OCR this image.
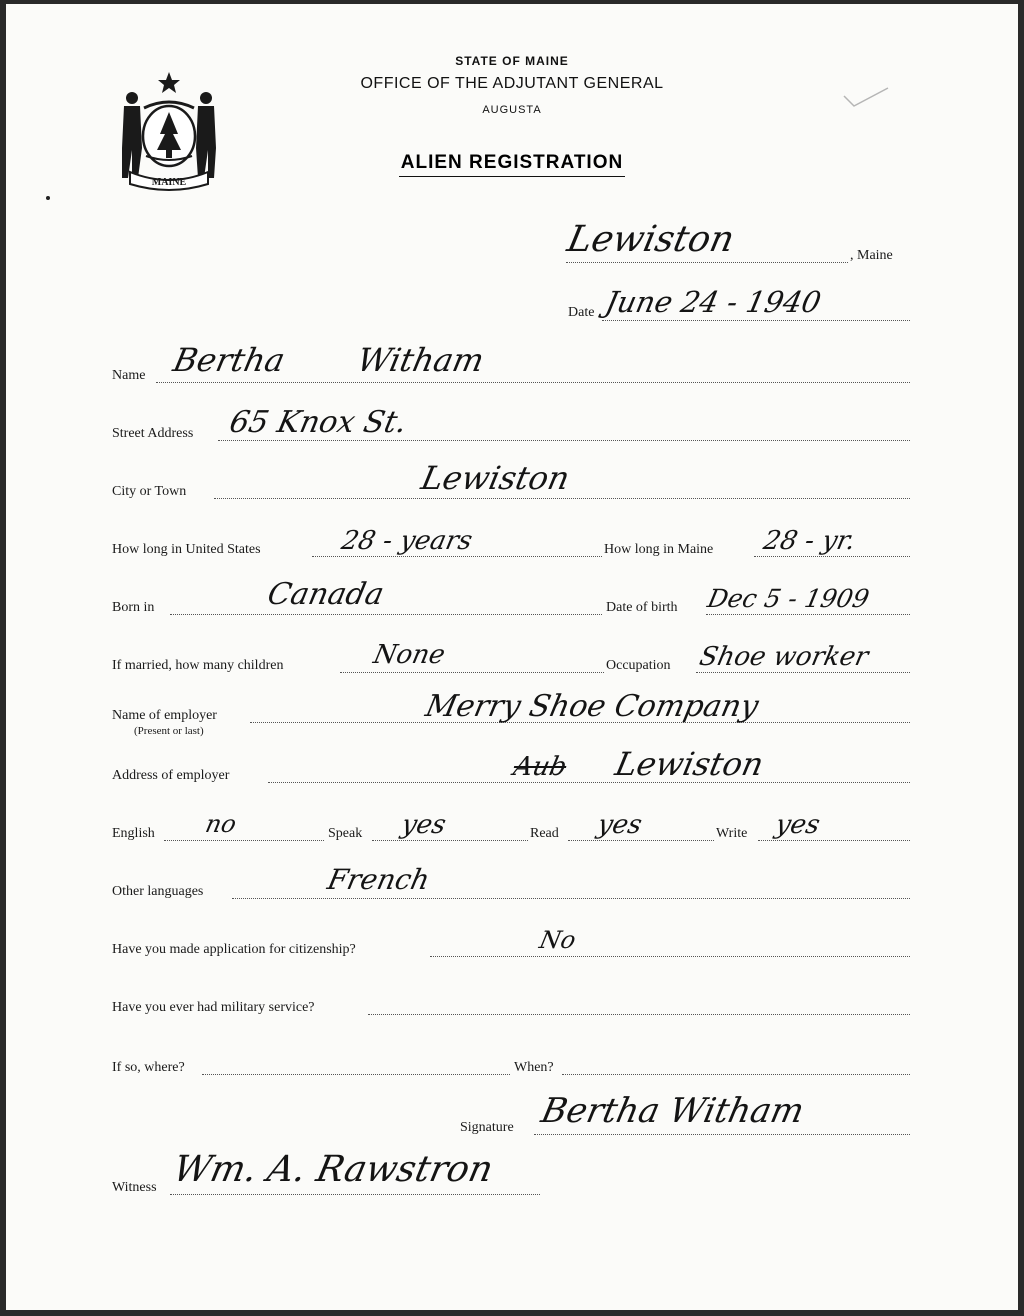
MAINE
STATE OF MAINE
OFFICE OF THE ADJUTANT GENERAL
AUGUSTA
ALIEN REGISTRATION
Lewiston	, Maine
Date June 24 - 1940
Name Bertha Witham
Street Address 65 Knox St.
City or Town	Lewiston
How long in United States	28 - years	How long in Maine 28 - yr.
Born in	Canada	Date of birth Dec 5 - 1909
If married, how many children	None	Occupation Shoe worker
Name of employer
(Present or last)
Merry Shoe Company
Address of employer	Aub Lewiston
English no	Speak yes	Read yes	Write yes
Other languages	French
Have you made application for citizenship?	No
Have you ever had military service?
If so, where?	When?
Signature Bertha Witham
Witness Wm. A. Rawstron
